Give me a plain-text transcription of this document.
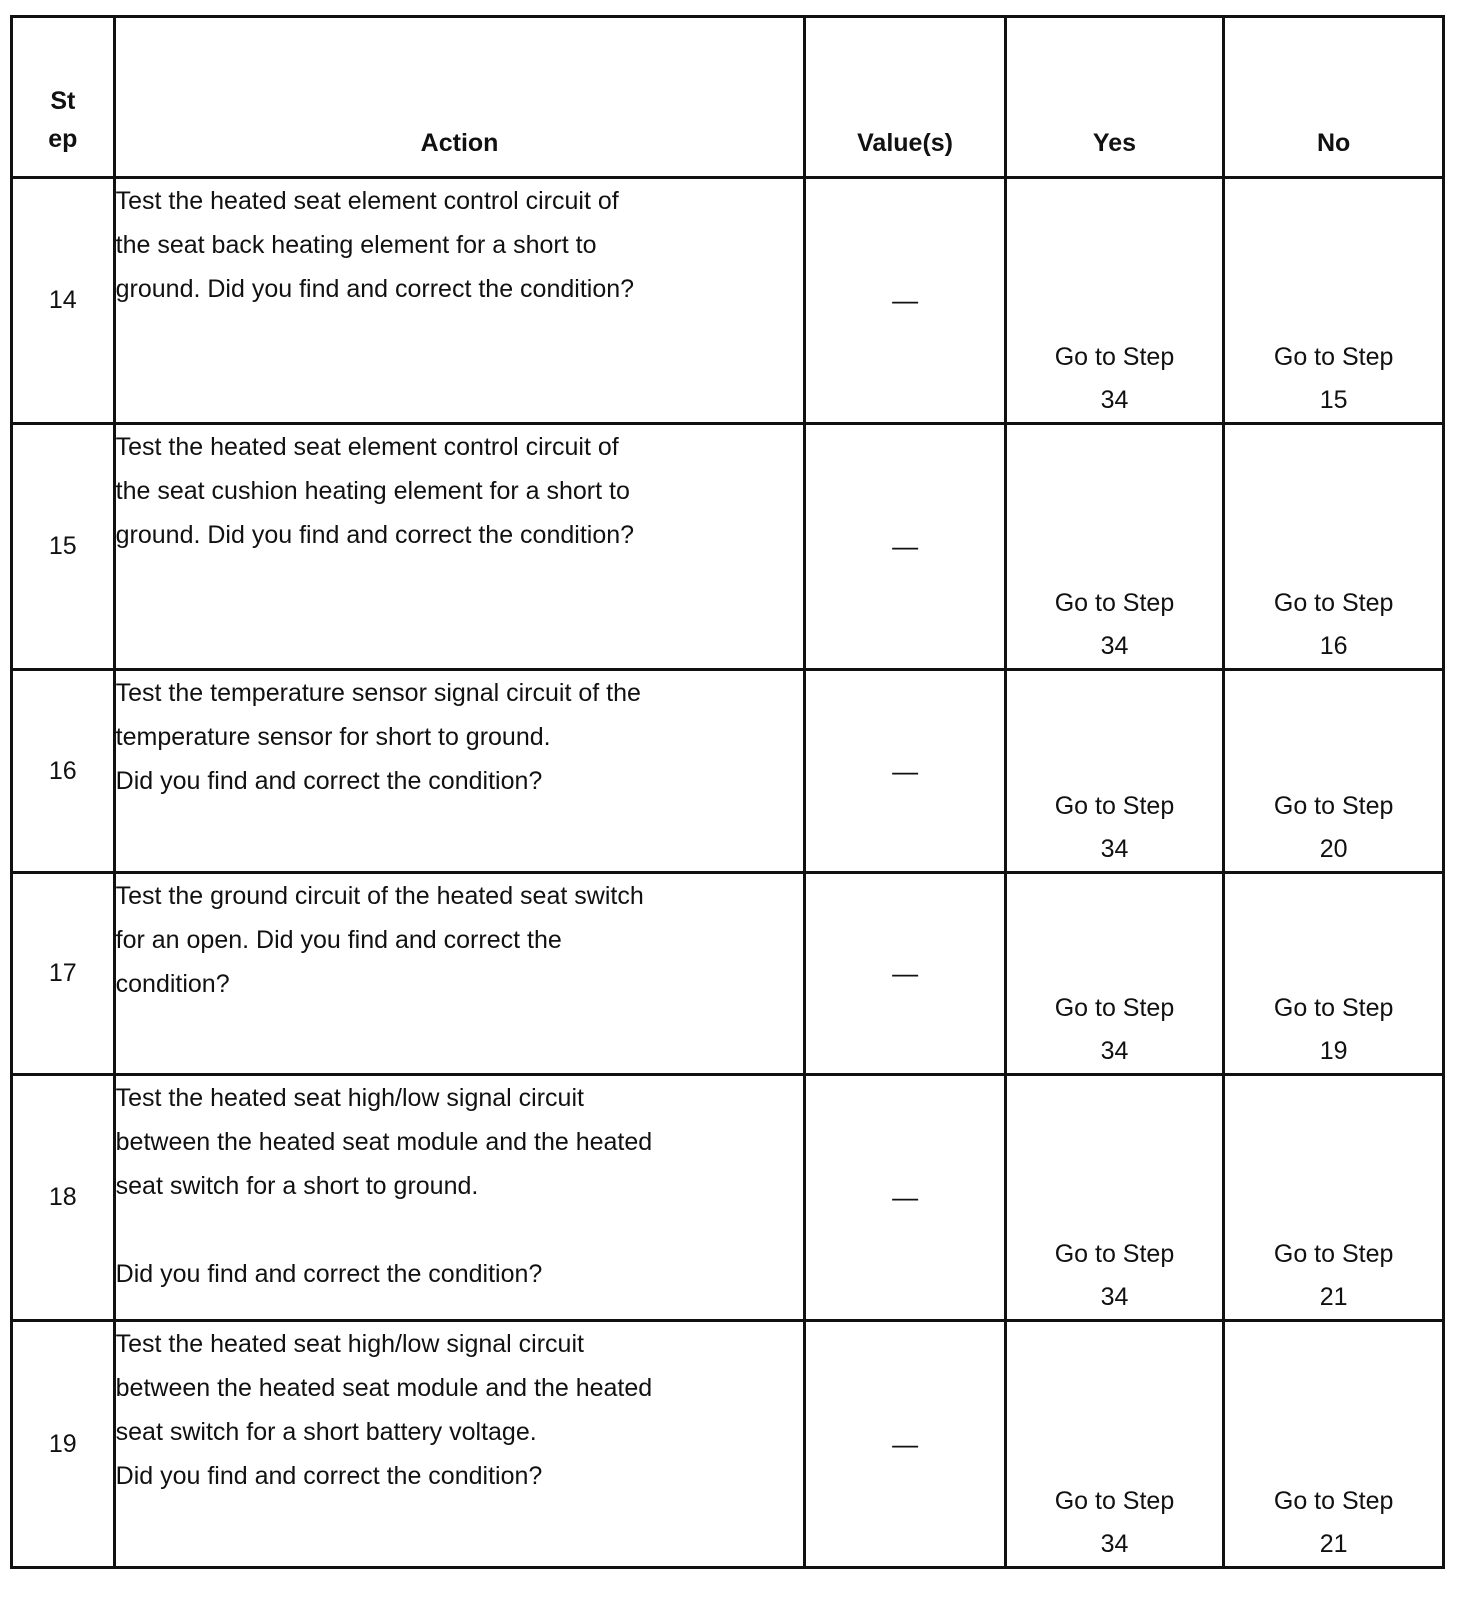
St
ep	Action	Value(s)	Yes	No
14	Test the heated seat element control circuit of
the seat back heating element for a short to
ground. Did you find and correct the condition?	—	Go to Step
34	Go to Step
15

15	Test the heated seat element control circuit of
the seat cushion heating element for a short to
ground. Did you find and correct the condition?	—	Go to Step
34	Go to Step
16

16	Test the temperature sensor signal circuit of the
temperature sensor for short to ground.
Did you find and correct the condition?	—	Go to Step
34	Go to Step
20

17	Test the ground circuit of the heated seat switch
for an open. Did you find and correct the
condition?	—	Go to Step
34	Go to Step
19

18	Test the heated seat high/low signal circuit
between the heated seat module and the heated
seat switch for a short to ground.
Did you find and correct the condition?	—	Go to Step
34	Go to Step
21

19	Test the heated seat high/low signal circuit
between the heated seat module and the heated
seat switch for a short battery voltage.
Did you find and correct the condition?	—	Go to Step
34	Go to Step
21
